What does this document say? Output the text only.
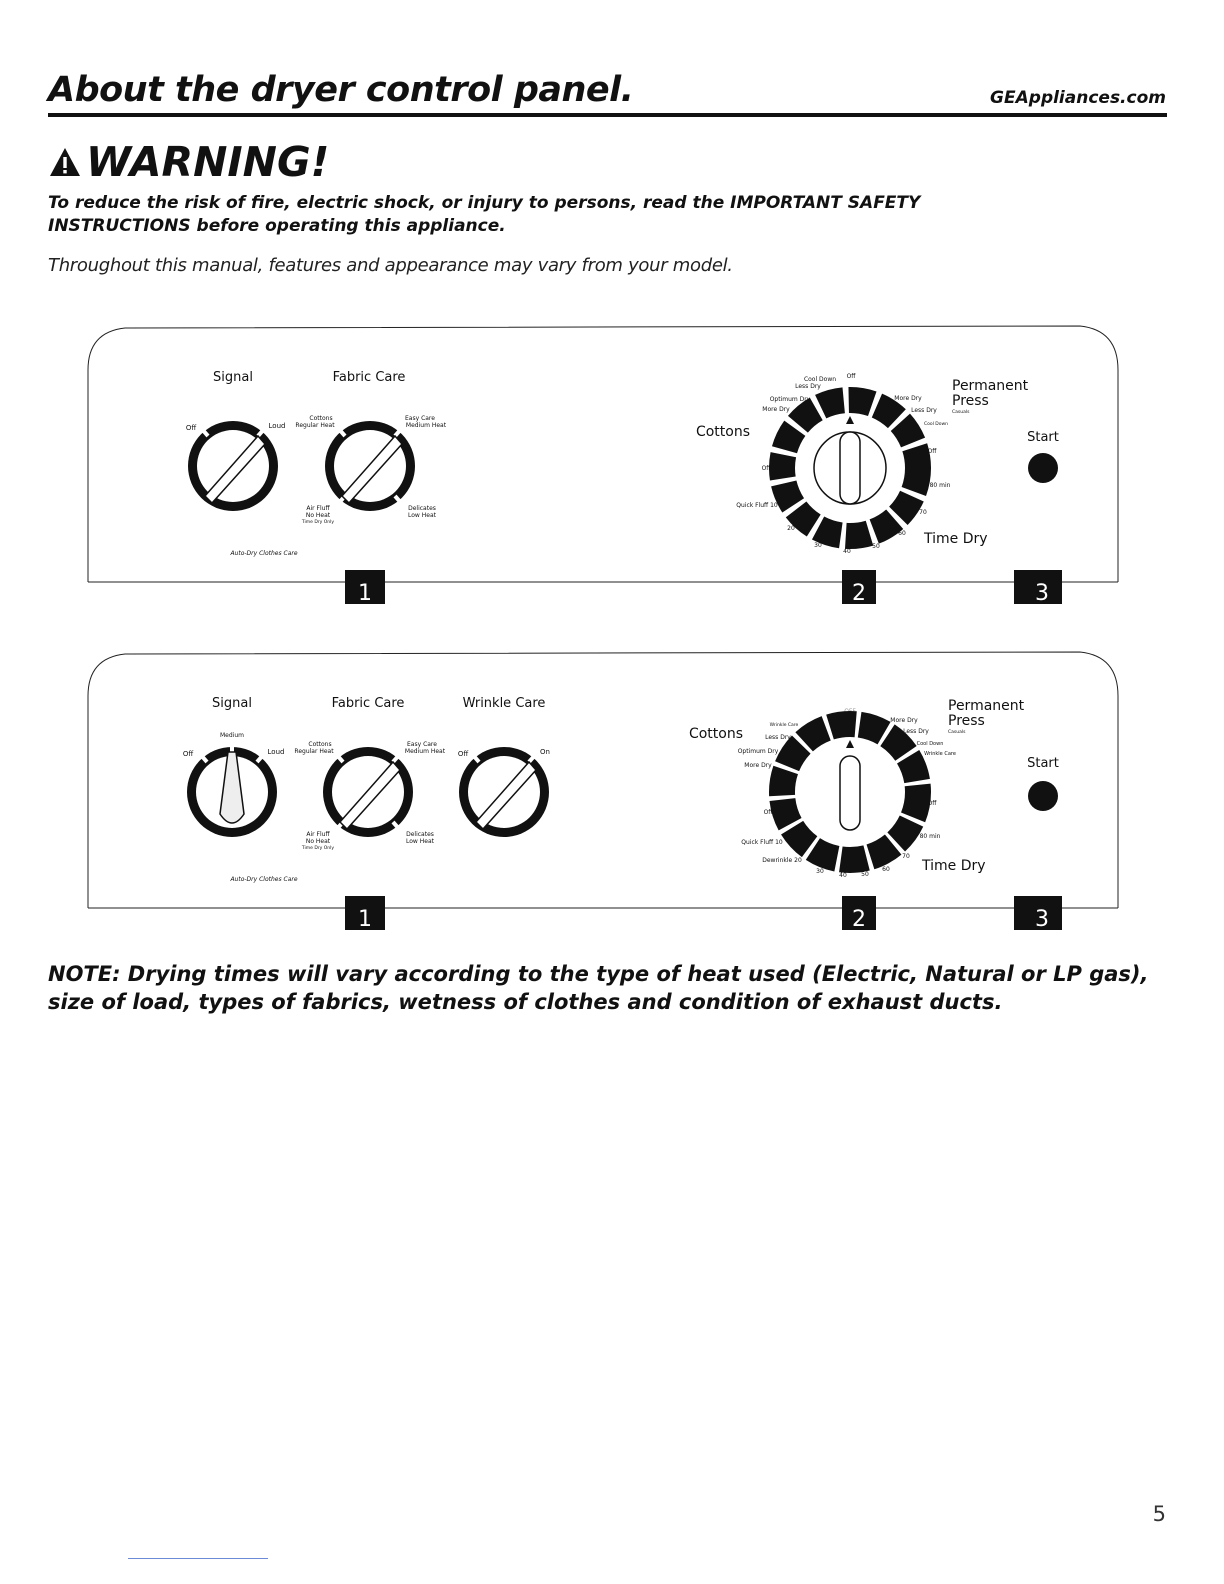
About the dryer control panel.	GEAppliances.com
WARNING!
To reduce the risk of fire, electric shock, or injury to persons, read the IMPORTANT SAFETY INSTRUCTIONS before operating this appliance.
Throughout this manual, features and appearance may vary from your model.
Signal
Off	Loud
Fabric Care
Cottons
Regular Heat
Easy Care
Medium Heat
Air Fluff
No Heat
Time Dry Only
Delicates
Low Heat
Auto-Dry Clothes Care
Cottons
Cool Down Off
Less Dry
Optimum Dry
More Dry
More Dry
Less Dry
Cool Down
Off
Off
80 min
70
60
50
40
30
20
Quick Fluff 10
Permanent
Press
Casuals
Time Dry
Start
1	2	3
Signal
Medium
Off	Loud
Fabric Care
Cottons
Regular Heat
Easy Care
Medium Heat
Air Fluff
No Heat
Time Dry Only
Delicates
Low Heat
Wrinkle Care
Off	On
Auto-Dry Clothes Care
Cottons
OFF
Wrinkle Care
Less Dry
Optimum Dry
More Dry
More Dry
Less Dry
Cool Down
Wrinkle Care
Off
Off
80 min
70
60
50
40
30
Dewrinkle 20
Quick Fluff 10
Permanent
Press
Casuals
Time Dry
Start
1	2	3
NOTE: Drying times will vary according to the type of heat used (Electric, Natural or LP gas), size of load, types of fabrics, wetness of clothes and condition of exhaust ducts.
5
